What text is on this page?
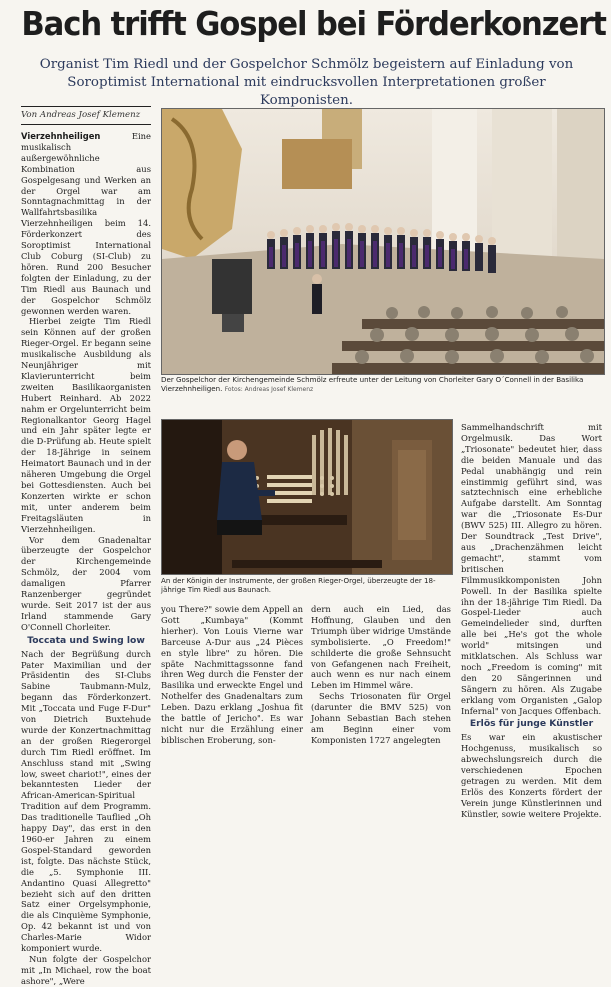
Bach trifft Gospel bei Förderkonzert
Organist Tim Riedl und der Gospelchor Schmölz begeistern auf Einladung von Soroptimist International mit eindrucksvollen Interpretationen großer Komponisten.
Von Andreas Josef Klemenz
Der Gospelchor der Kirchengemeinde Schmölz erfreute unter der Leitung von Chorleiter Gary O´Connell in der Basilika Vierzehnheiligen. Fotos: Andreas Josef Klemenz
An der Königin der Instrumente, der großen Rieger-Orgel, überzeugte der 18-jährige Tim Riedl aus Baunach.

Vierzehnheiligen	Eine musikalisch außergewöhnliche Kombination aus Gospelgesang und Werken an der Orgel war am Sonntagnachmittag in der Wallfahrtsbasilika Vierzehnheiligen beim 14. Förderkonzert des Soroptimist International Club Coburg (SI-Club) zu hören. Rund 200 Besucher folgten der Einladung, zu der Tim Riedl aus Baunach und der Gospelchor Schmölz gewonnen werden waren.

Hierbei zeigte Tim Riedl sein Können auf der großen Rieger-Orgel. Er begann seine musikalische Ausbildung als Neunjähriger mit Klavierunterricht beim zweiten Basilikaorganisten Hubert Reinhard. Ab 2022 nahm er Orgelunterricht beim Regionalkantor Georg Hagel und ein Jahr später legte er die D-Prüfung ab. Heute spielt der 18-Jährige in seinem Heimatort Baunach und in der näheren Umgebung die Orgel bei Gottesdiensten. Auch bei Konzerten wirkte er schon mit, unter anderem beim Freitagsläuten in Vierzehnheiligen.

Vor dem Gnadenaltar überzeugte der Gospelchor der Kirchengemeinde Schmölz, der 2004 vom damaligen Pfarrer Ranzenberger gegründet wurde. Seit 2017 ist der aus Irland stammende Gary O'Connell Chorleiter.

Toccata und Swing low

Nach der Begrüßung durch Pater Maximilian und der Präsidentin des SI-Clubs Sabine Taubmann-Mulz, begann das Förderkonzert. Mit „Toccata und Fuge F-Dur" von Dietrich Buxtehude wurde der Konzertnachmittag an der großen Riegerorgel durch Tim Riedl eröffnet. Im Anschluss stand mit „Swing low, sweet chariot!", eines der bekanntesten Lieder der African-American-Spiritual Tradition auf dem Programm. Das traditionelle Tauflied „Oh happy Day", das erst in den 1960-er Jahren zu einem Gospel-Standard geworden ist, folgte. Das nächste Stück, die „5. Symphonie III. Andantino Quasi Allegretto" bezieht sich auf den dritten Satz einer Orgelsymphonie, die als Cinquième Symphonie, Op. 42 bekannt ist und von Charles-Marie Widor komponiert wurde.

Nun folgte der Gospelchor mit „In Michael, row the boat ashore", „Were

you There?" sowie dem Appell an Gott „Kumbaya" (Kommt hierher). Von Louis Vierne war Barceuse A-Dur aus „24 Pièces en style libre" zu hören. Die späte Nachmittagssonne fand ihren Weg durch die Fenster der Basilika und erweckte Engel und Nothelfer des Gnadenaltars zum Leben. Dazu erklang „Joshua fit the battle of Jericho". Es war nicht nur die Erzählung einer biblischen Eroberung, son-

dern auch ein Lied, das Hoffnung, Glauben und den Triumph über widrige Umstände symbolisierte. „O Freedom!" schilderte die große Sehnsucht von Gefangenen nach Freiheit, auch wenn es nur nach einem Leben im Himmel wäre.

Sechs Triosonaten für Orgel (darunter die BMV 525) von Johann Sebastian Bach stehen am Beginn einer vom Komponisten 1727 angelegten

Sammelhandschrift mit Orgelmusik. Das Wort „Triosonate" bedeutet hier, dass die beiden Manuale und das Pedal unabhängig und rein einstimmig geführt sind, was satztechnisch eine erhebliche Aufgabe darstellt. Am Sonntag war die „Triosonate Es-Dur (BWV 525) III. Allegro zu hören. Der Soundtrack „Test Drive", aus „Drachenzähmen leicht gemacht", stammt vom britischen Filmmusikkomponisten John Powell. In der Basilika spielte ihn der 18-jährige Tim Riedl. Da Gospel-Lieder auch Gemeindelieder sind, durften alle bei „He's got the whole world" mitsingen und mitklatschen. Als Schluss war noch „Freedom is coming" mit den 20 Sängerinnen und Sängern zu hören. Als Zugabe erklang vom Organisten „Galop Infernal" von Jacques Offenbach.

Erlös für junge Künstler

Es war ein akustischer Hochgenuss, musikalisch so abwechslungsreich durch die verschiedenen Epochen getragen zu werden. Mit dem Erlös des Konzerts fördert der Verein junge Künstlerinnen und Künstler, sowie weitere Projekte.
